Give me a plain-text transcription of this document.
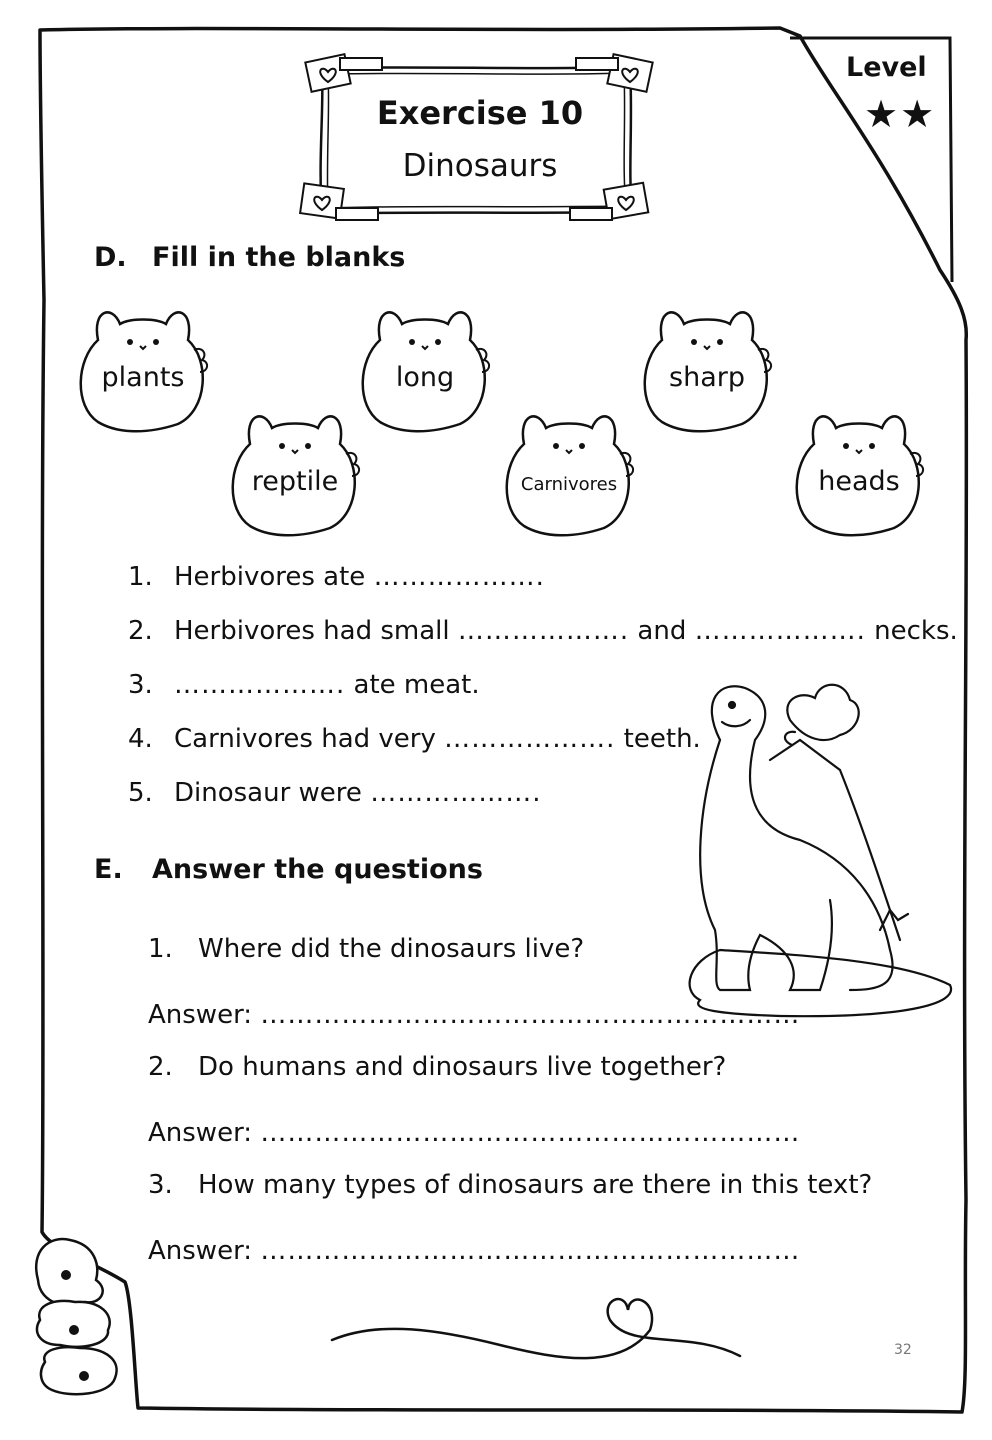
Exercise 10
Dinosaurs
Level
★★
D. Fill in the blanks
plants	long	sharp
reptile	Carnivores	heads
1. Herbivores ate ……………….
2. Herbivores had small ………………. and ………………. necks.
3. ………………. ate meat.
4. Carnivores had very ………………. teeth.
5. Dinosaur were ……………….
E. Answer the questions
1. Where did the dinosaurs live?
Answer: ……………………………………………………
2. Do humans and dinosaurs live together?
Answer: ……………………………………………………
3. How many types of dinosaurs are there in this text?
Answer: ……………………………………………………
32
